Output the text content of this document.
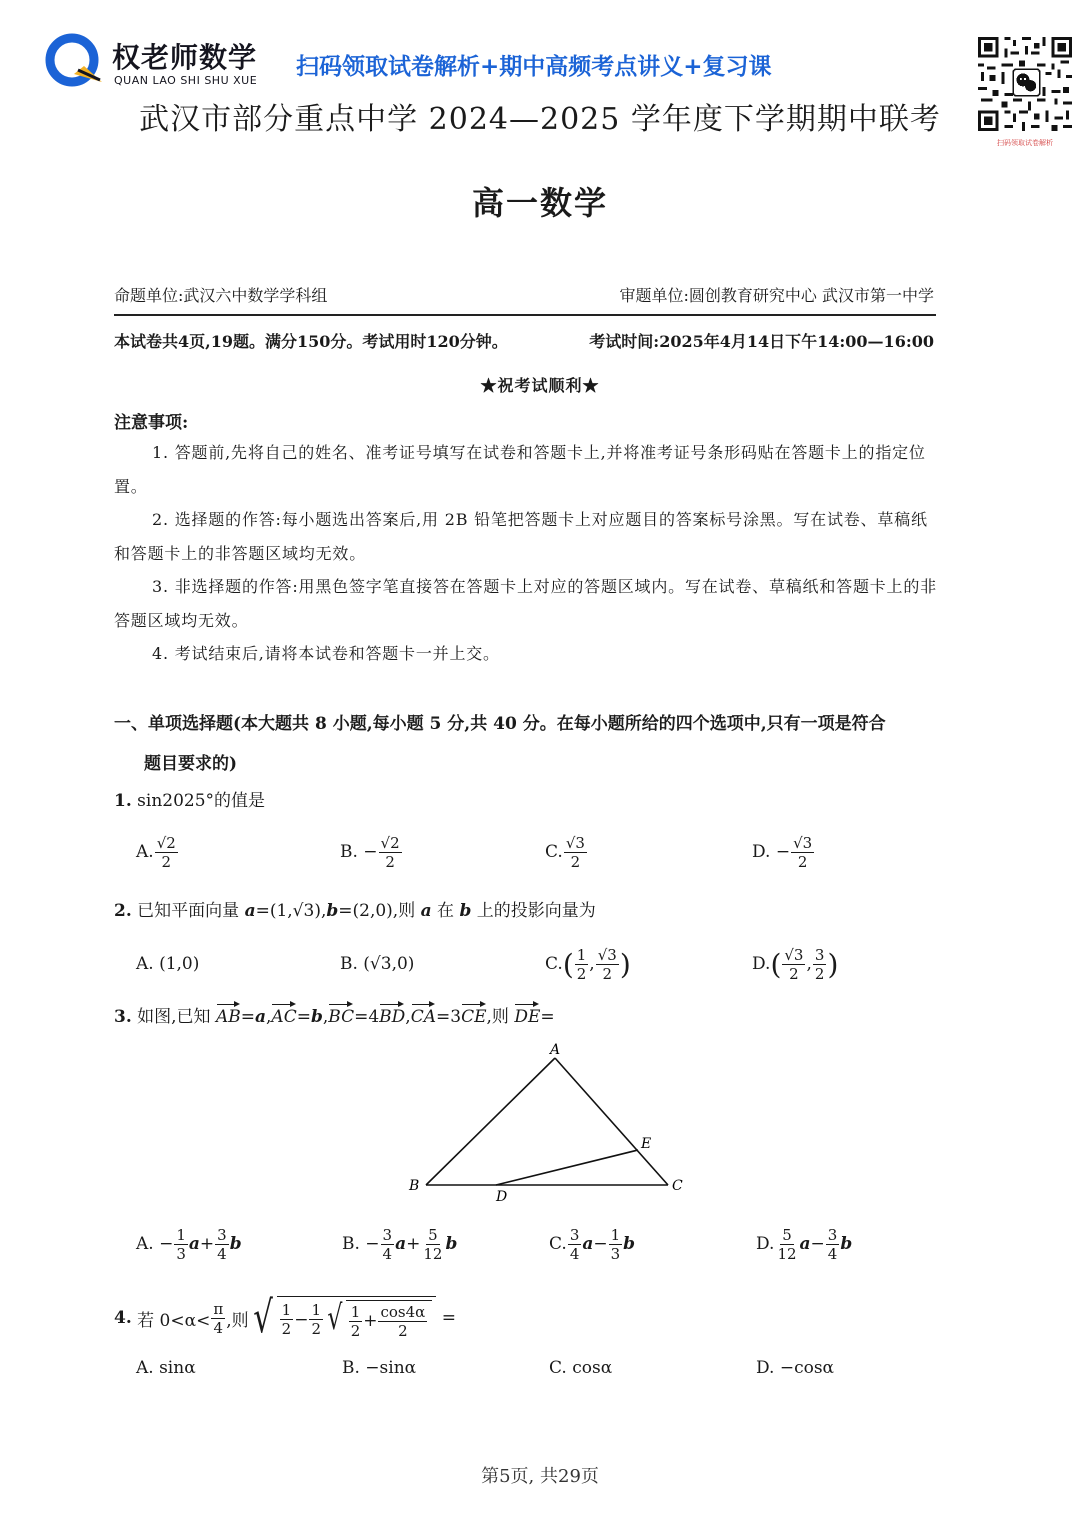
权老师数学
QUAN LAO SHI SHU XUE
扫码领取试卷解析+期中高频考点讲义+复习课
扫码领取试卷解析
武汉市部分重点中学 2024—2025 学年度下学期期中联考
高一数学
命题单位:武汉六中数学学科组	审题单位:圆创教育研究中心 武汉市第一中学
本试卷共4页,19题。满分150分。考试用时120分钟。	考试时间:2025年4月14日下午14:00—16:00
★祝考试顺利★
注意事项:

1. 答题前,先将自己的姓名、准考证号填写在试卷和答题卡上,并将准考证号条形码贴在答题卡上的指定位置。

2. 选择题的作答:每小题选出答案后,用 2B 铅笔把答题卡上对应题目的答案标号涂黑。写在试卷、草稿纸和答题卡上的非答题区域均无效。

3. 非选择题的作答:用黑色签字笔直接答在答题卡上对应的答题区域内。写在试卷、草稿纸和答题卡上的非答题区域均无效。

4. 考试结束后,请将本试卷和答题卡一并上交。

一、单项选择题(本大题共 8 小题,每小题 5 分,共 40 分。在每小题所给的四个选项中,只有一项是符合
题目要求的)
1. sin2025°的值是
A. $\frac{√2}{2}$	B. − $\frac{√2}{2}$	C. $\frac{√3}{2}$	D. − $\frac{√3}{2}$
2. 已知平面向量 a=(1,√3),b=(2,0),则 a 在 b 上的投影向量为
A. (1,0)	B. (√3,0)	C. ( $\frac{1}{2}$ , $\frac{√3}{2}$ )	D. ( $\frac{√3}{2}$ , $\frac{3}{2}$ )
3. 如图,已知 AB=a,AC=b,BC=4BD,CA=3CE,则 DE=
A
B	C
D
E
A. − $\frac{1}{3}$ $a + \frac{3}{4}$ b	B. − $\frac{3}{4}$ $a + \frac{5}{12}$ b	C. $\frac{3}{4}$ $a - \frac{1}{3}$ b	D. $\frac{5}{12}$ $a - \frac{3}{4}$ b
4.
若 $0<\alpha< \frac{\pi}{4}$ ,则 √ $\frac{1}{2} - \frac{1}{2}$ √ $\frac{1}{2} + \frac{\cos 4\alpha}{2}$ =
A. sinα	B. −sinα	C. cosα	D. −cosα
第5页, 共29页
